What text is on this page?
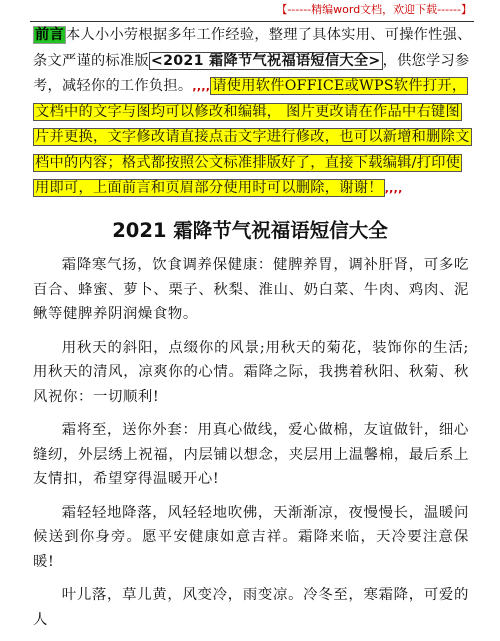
【------精编word文档，欢迎下载------】
前言 本人小小劳根据多年工作经验，整理了具体实用、可操作性强、条文严谨的标准版 <2021 霜降节气祝福语短信大全> ，供您学习参考，减轻你的工作负担。,,,, 请使用软件OFFICE或WPS软件打开，文档中的文字与图均可以修改和编辑， 图片更改请在作品中右键图片并更换，文字修改请直接点击文字进行修改，也可以新增和删除文档中的内容；格式都按照公文标准排版好了，直接下载编辑/打印使用即可，上面前言和页眉部分使用时可以删除，谢谢！ ,,,,
2021 霜降节气祝福语短信大全

霜降寒气扬，饮食调养保健康：健脾养胃，调补肝肾，可多吃百合、蜂蜜、萝卜、栗子、秋梨、淮山、奶白菜、牛肉、鸡肉、泥鳅等健脾养阴润燥食物。

用秋天的斜阳，点缀你的风景;用秋天的菊花，装饰你的生活;用秋天的清风，凉爽你的心情。霜降之际，我携着秋阳、秋菊、秋风祝你：一切顺利!

霜将至，送你外套：用真心做线，爱心做棉，友谊做针，细心缝纫，外层绣上祝福，内层铺以想念，夹层用上温馨棉，最后系上友情扣，希望穿得温暖开心!

霜轻轻地降落，风轻轻地吹佛，天渐渐凉，夜慢慢长，温暖问候送到你身旁。愿平安健康如意吉祥。霜降来临，天冷要注意保暖!

叶儿落，草儿黄，风变冷，雨变凉。冷冬至，寒霜降，可爱的人
